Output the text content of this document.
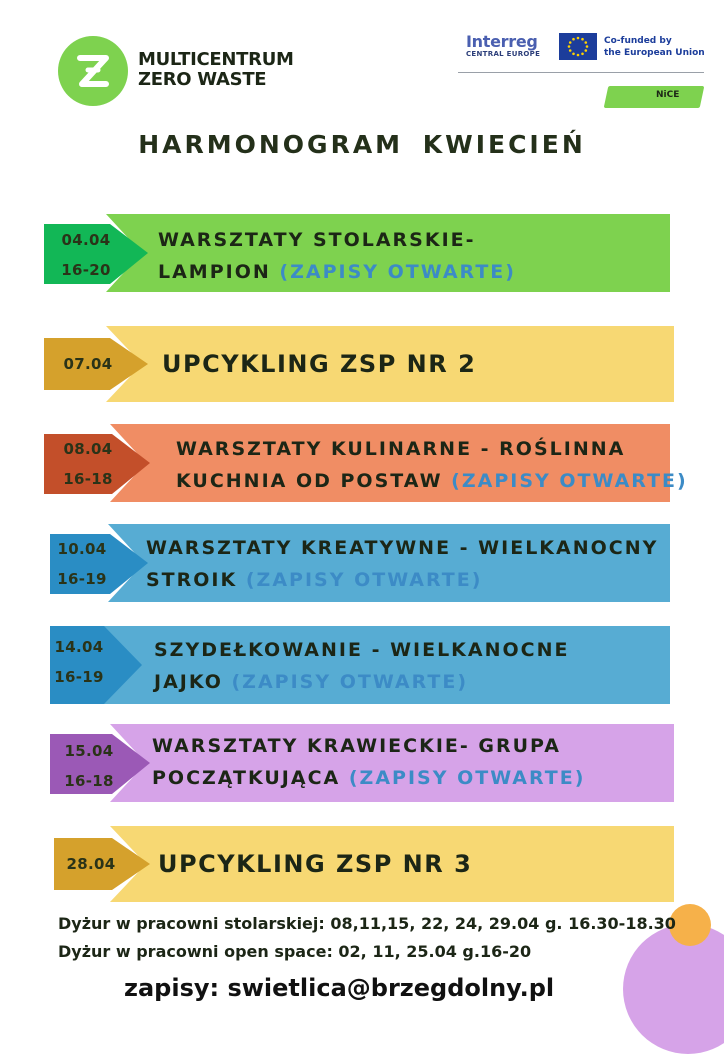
MULTICENTRUM
ZERO WASTE
Interreg
CENTRAL EUROPE
Co-funded by
the European Union
NiCE
HARMONOGRAM KWIECIEŃ
04.04
16-20
WARSZTATY STOLARSKIE-
LAMPION (ZAPISY OTWARTE)
07.04	UPCYKLING ZSP NR 2
08.04
16-18
WARSZTATY KULINARNE - ROŚLINNA
KUCHNIA OD POSTAW (ZAPISY OTWARTE)
10.04
16-19
WARSZTATY KREATYWNE - WIELKANOCNY
STROIK (ZAPISY OTWARTE)
14.04
16-19
SZYDEŁKOWANIE - WIELKANOCNE
JAJKO (ZAPISY OTWARTE)
15.04
16-18
WARSZTATY KRAWIECKIE- GRUPA
POCZĄTKUJĄCA (ZAPISY OTWARTE)
28.04	UPCYKLING ZSP NR 3
Dyżur w pracowni stolarskiej: 08,11,15, 22, 24, 29.04 g. 16.30-18.30
Dyżur w pracowni open space: 02, 11, 25.04 g.16-20
zapisy: swietlica@brzegdolny.pl
